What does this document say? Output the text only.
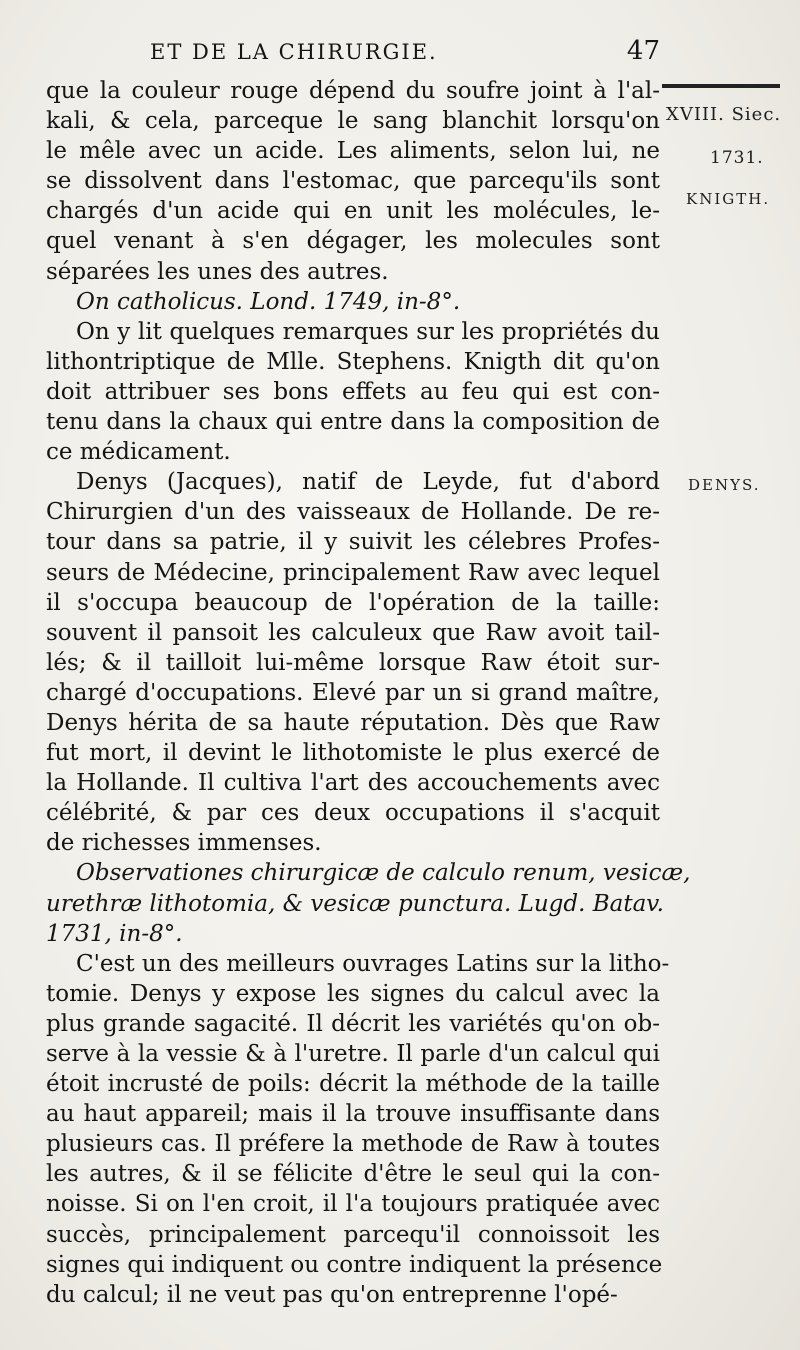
ET DE LA CHIRURGIE.	47
XVIII. Siec.
1731.
KNIGTH.
DENYS.

que la couleur rouge dépend du soufre joint à l'al-
kali, & cela, parceque le sang blanchit lorsqu'on
le mêle avec un acide. Les aliments, selon lui, ne
se dissolvent dans l'estomac, que parcequ'ils sont
chargés d'un acide qui en unit les molécules, le-
quel venant à s'en dégager, les molecules sont
séparées les unes des autres.

On catholicus. Lond. 1749, in-8°.

On y lit quelques remarques sur les propriétés du
lithontriptique de Mlle. Stephens. Knigth dit qu'on
doit attribuer ses bons effets au feu qui est con-
tenu dans la chaux qui entre dans la composition de
ce médicament.

Denys (Jacques), natif de Leyde, fut d'abord
Chirurgien d'un des vaisseaux de Hollande. De re-
tour dans sa patrie, il y suivit les célebres Profes-
seurs de Médecine, principalement Raw avec lequel
il s'occupa beaucoup de l'opération de la taille:
souvent il pansoit les calculeux que Raw avoit tail-
lés; & il tailloit lui-même lorsque Raw étoit sur-
chargé d'occupations. Elevé par un si grand maître,
Denys hérita de sa haute réputation. Dès que Raw
fut mort, il devint le lithotomiste le plus exercé de
la Hollande. Il cultiva l'art des accouchements avec
célébrité, & par ces deux occupations il s'acquit
de richesses immenses.

Observationes chirurgicæ de calculo renum, vesicæ,
urethræ lithotomia, & vesicæ punctura. Lugd. Batav.
1731, in-8°.

C'est un des meilleurs ouvrages Latins sur la litho-
tomie. Denys y expose les signes du calcul avec la
plus grande sagacité. Il décrit les variétés qu'on ob-
serve à la vessie & à l'uretre. Il parle d'un calcul qui
étoit incrusté de poils: décrit la méthode de la taille
au haut appareil; mais il la trouve insuffisante dans
plusieurs cas. Il préfere la methode de Raw à toutes
les autres, & il se félicite d'être le seul qui la con-
noisse. Si on l'en croit, il l'a toujours pratiquée avec
succès, principalement parcequ'il connoissoit les
signes qui indiquent ou contre indiquent la présence
du calcul; il ne veut pas qu'on entreprenne l'opé-
